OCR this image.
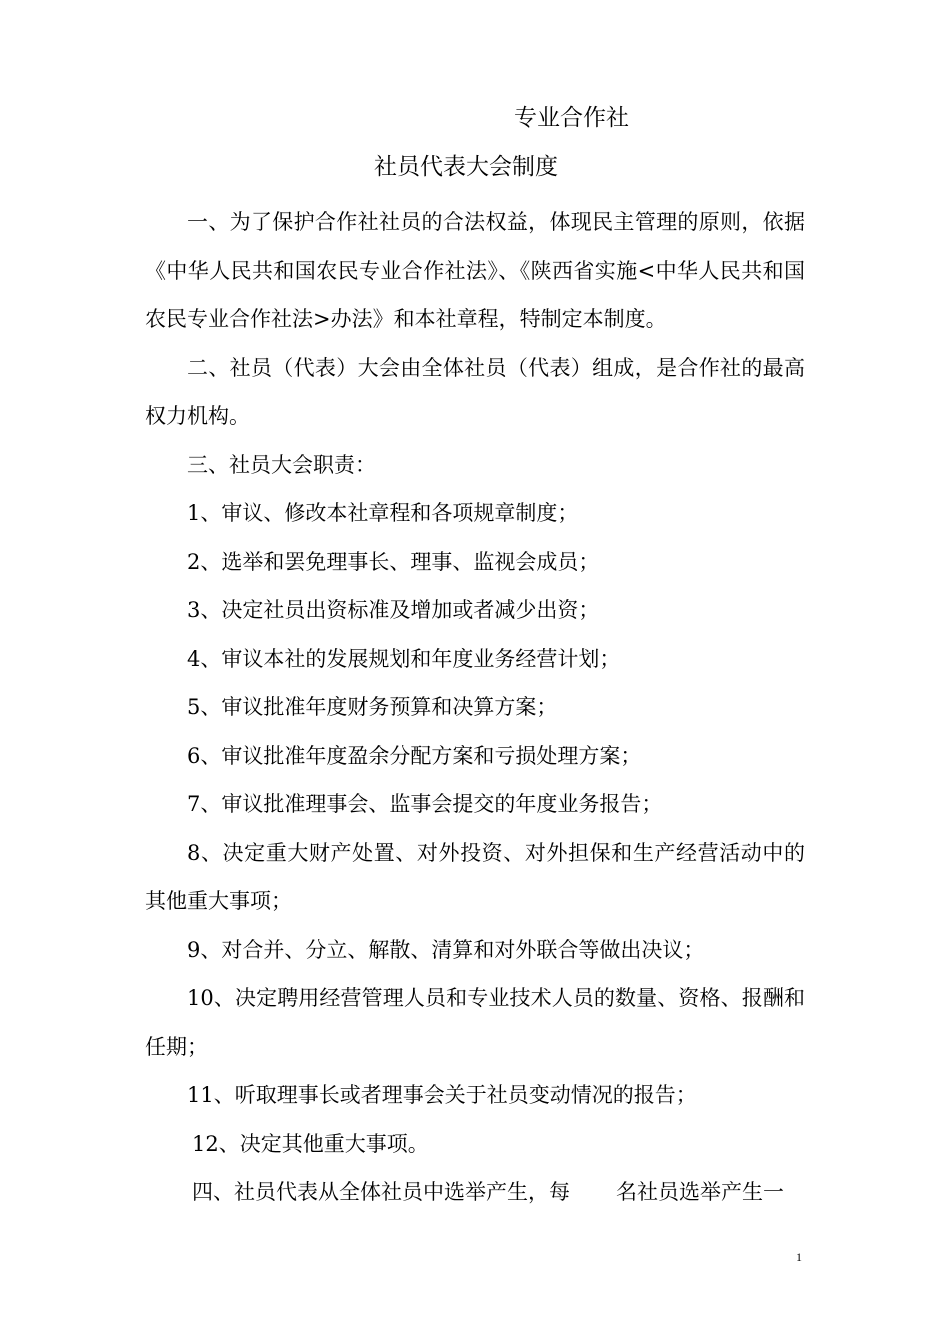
专业合作社
社员代表大会制度

一、为了保护合作社社员的合法权益，体现民主管理的原则，依据《中华人民共和国农民专业合作社法》、《陕西省实施<中华人民共和国农民专业合作社法>办法》和本社章程，特制定本制度。

二、社员（代表）大会由全体社员（代表）组成，是合作社的最高权力机构。

三、社员大会职责：

1、审议、修改本社章程和各项规章制度；

2、选举和罢免理事长、理事、监视会成员；

3、决定社员出资标准及增加或者减少出资；

4、审议本社的发展规划和年度业务经营计划；

5、审议批准年度财务预算和决算方案；

6、审议批准年度盈余分配方案和亏损处理方案；

7、审议批准理事会、监事会提交的年度业务报告；

8、决定重大财产处置、对外投资、对外担保和生产经营活动中的其他重大事项；

9、对合并、分立、解散、清算和对外联合等做出决议；

10、决定聘用经营管理人员和专业技术人员的数量、资格、报酬和任期；

11、听取理事长或者理事会关于社员变动情况的报告；

12、决定其他重大事项。

四、社员代表从全体社员中选举产生，每 名社员选举产生一

1
